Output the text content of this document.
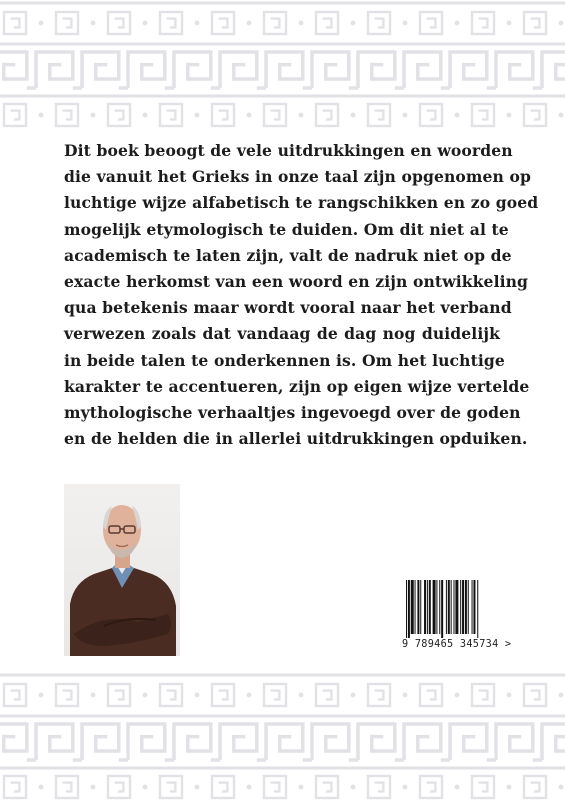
Dit boek beoogt de vele uitdrukkingen en woorden
die vanuit het Grieks in onze taal zijn opgenomen op
luchtige wijze alfabetisch te rangschikken en zo goed
mogelijk etymologisch te duiden. Om dit niet al te
academisch te laten zijn, valt de nadruk niet op de
exacte herkomst van een woord en zijn ontwikkeling
qua betekenis maar wordt vooral naar het verband
verwezen zoals dat vandaag de dag nog duidelijk
in beide talen te onderkennen is. Om het luchtige
karakter te accentueren, zijn op eigen wijze vertelde
mythologische verhaaltjes ingevoegd over de goden
en de helden die in allerlei uitdrukkingen opduiken.
9 789465 345734 >
